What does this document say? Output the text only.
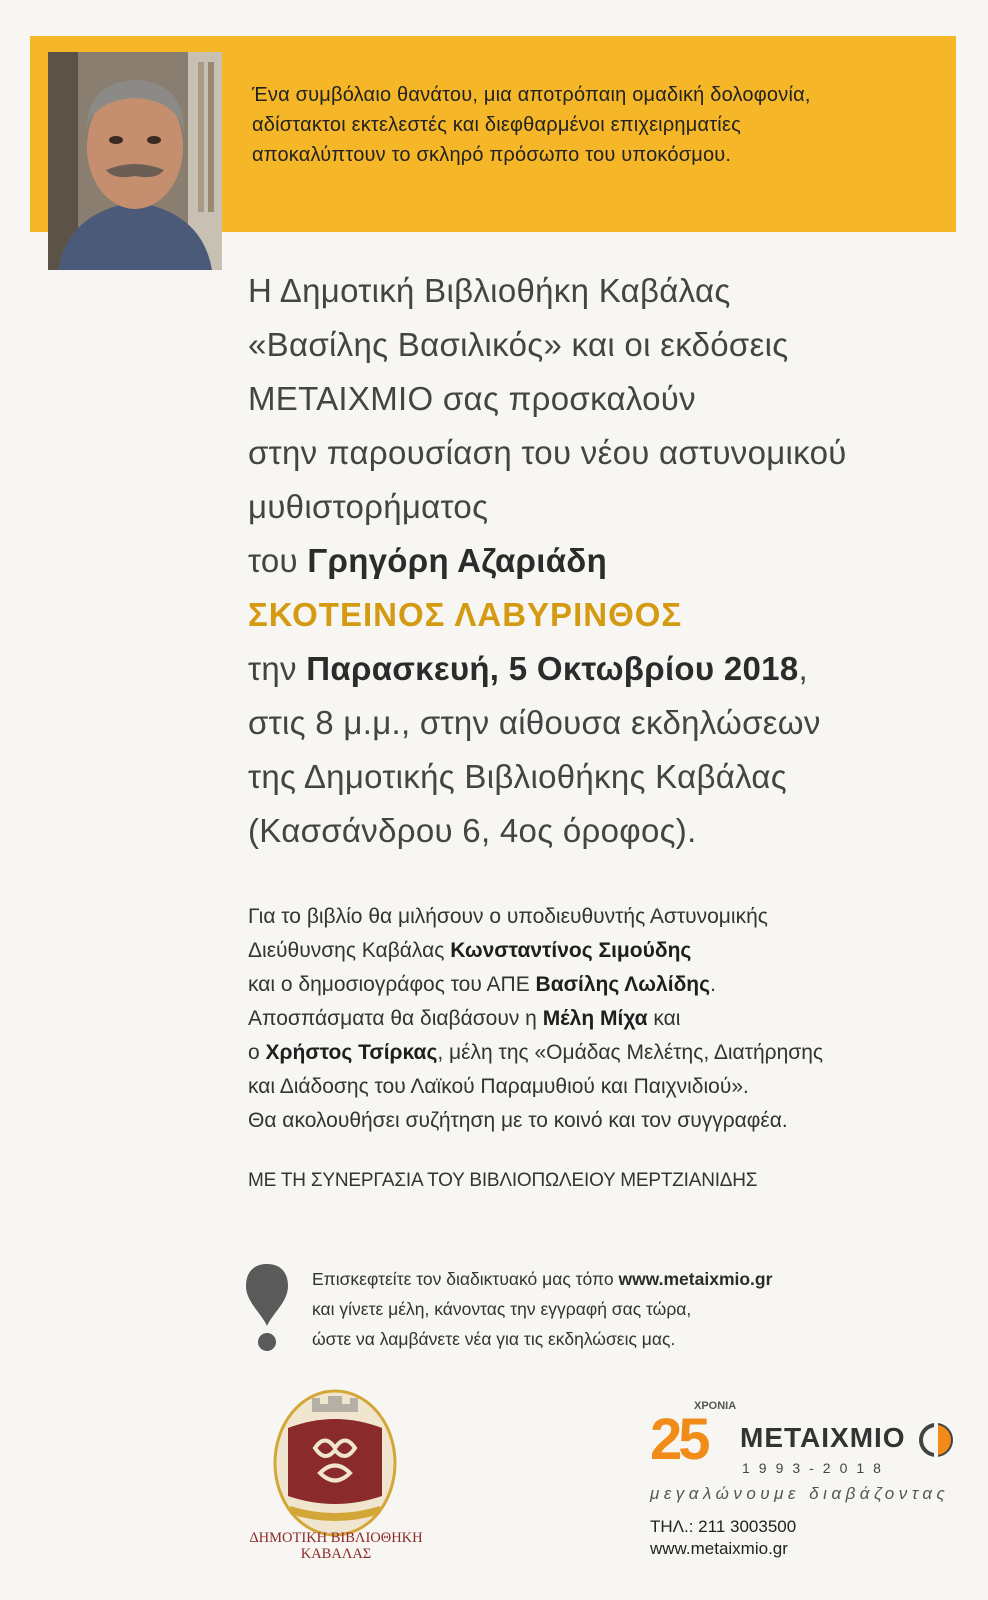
Ένα συμβόλαιο θανάτου, μια αποτρόπαιη ομαδική δολοφονία,
αδίστακτοι εκτελεστές και διεφθαρμένοι επιχειρηματίες
αποκαλύπτουν το σκληρό πρόσωπο του υποκόσμου.
Η Δημοτική Βιβλιοθήκη Καβάλας
«Βασίλης Βασιλικός» και οι εκδόσεις
ΜΕΤΑΙΧΜΙΟ σας προσκαλούν
στην παρουσίαση του νέου αστυνομικού
μυθιστορήματος
του Γρηγόρη Αζαριάδη
ΣΚΟΤΕΙΝΟΣ ΛΑΒΥΡΙΝΘΟΣ
την Παρασκευή, 5 Οκτωβρίου 2018,
στις 8 μ.μ., στην αίθουσα εκδηλώσεων
της Δημοτικής Βιβλιοθήκης Καβάλας
(Κασσάνδρου 6, 4ος όροφος).
Για το βιβλίο θα μιλήσουν ο υποδιευθυντής Αστυνομικής
Διεύθυνσης Καβάλας Κωνσταντίνος Σιμούδης
και ο δημοσιογράφος του ΑΠΕ Βασίλης Λωλίδης.
Αποσπάσματα θα διαβάσουν η Μέλη Μίχα και
ο Χρήστος Τσίρκας, μέλη της «Ομάδας Μελέτης, Διατήρησης
και Διάδοσης του Λαϊκού Παραμυθιού και Παιχνιδιού».
Θα ακολουθήσει συζήτηση με το κοινό και τον συγγραφέα.
ΜΕ ΤΗ ΣΥΝΕΡΓΑΣΙΑ ΤΟΥ ΒΙΒΛΙΟΠΩΛΕΙΟΥ ΜΕΡΤΖΙΑΝΙΔΗΣ
Επισκεφτείτε τον διαδικτυακό μας τόπο www.metaixmio.gr
και γίνετε μέλη, κάνοντας την εγγραφή σας τώρα,
ώστε να λαμβάνετε νέα για τις εκδηλώσεις μας.
ΔΗΜΟΤΙΚΗ ΒΙΒΛΙΟΘΗΚΗ
ΚΑΒΑΛΑΣ
25
ΧΡΟΝΙΑ
ΜΕΤΑΙΧΜΙΟ
1993-2018
μεγαλώνουμε διαβάζοντας
ΤΗΛ.: 211 3003500
www.metaixmio.gr
